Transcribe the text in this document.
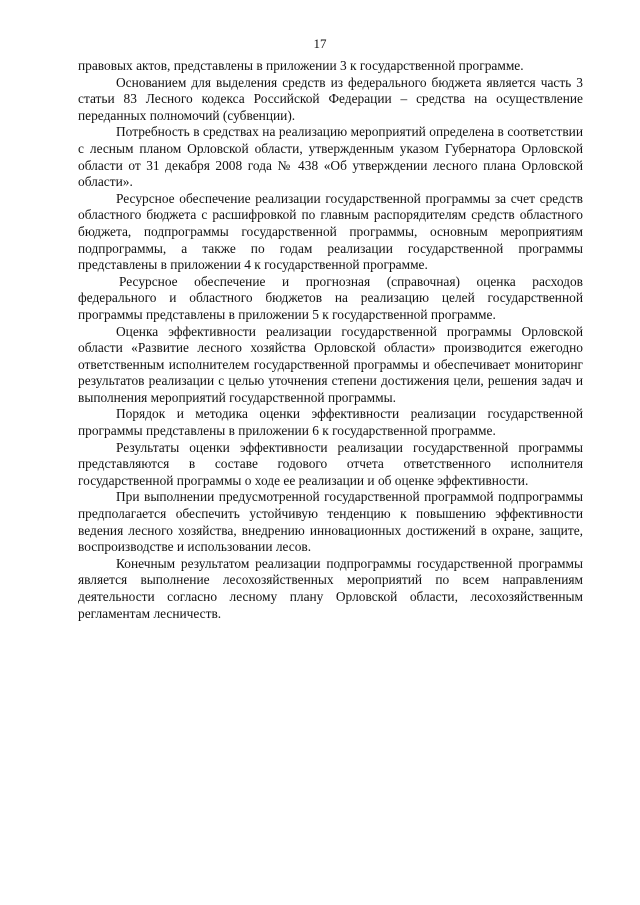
17

правовых актов, представлены в приложении 3 к государственной программе.

Основанием для выделения средств из федерального бюджета является часть 3 статьи 83 Лесного кодекса Российской Федерации – средства на осуществление переданных полномочий (субвенции).

Потребность в средствах на реализацию мероприятий определена в соответствии с лесным планом Орловской области, утвержденным указом Губернатора Орловской области от 31 декабря 2008 года № 438 «Об утверждении лесного плана Орловской области».

Ресурсное обеспечение реализации государственной программы за счет средств областного бюджета с расшифровкой по главным распорядителям средств областного бюджета, подпрограммы государственной программы, основным мероприятиям подпрограммы, а также по годам реализации государственной программы представлены в приложении 4 к государственной программе.

Ресурсное обеспечение и прогнозная (справочная) оценка расходов федерального и областного бюджетов на реализацию целей государственной программы представлены в приложении 5 к государственной программе.

Оценка эффективности реализации государственной программы Орловской области «Развитие лесного хозяйства Орловской области» производится ежегодно ответственным исполнителем государственной программы и обеспечивает мониторинг результатов реализации с целью уточнения степени достижения цели, решения задач и выполнения мероприятий государственной программы.

Порядок и методика оценки эффективности реализации государственной программы представлены в приложении 6 к государственной программе.

Результаты оценки эффективности реализации государственной программы представляются в составе годового отчета ответственного исполнителя государственной программы о ходе ее реализации и об оценке эффективности.

При выполнении предусмотренной государственной программой подпрограммы предполагается обеспечить устойчивую тенденцию к повышению эффективности ведения лесного хозяйства, внедрению инновационных достижений в охране, защите, воспроизводстве и использовании лесов.

Конечным результатом реализации подпрограммы государственной программы является выполнение лесохозяйственных мероприятий по всем направлениям деятельности согласно лесному плану Орловской области, лесохозяйственным регламентам лесничеств.
